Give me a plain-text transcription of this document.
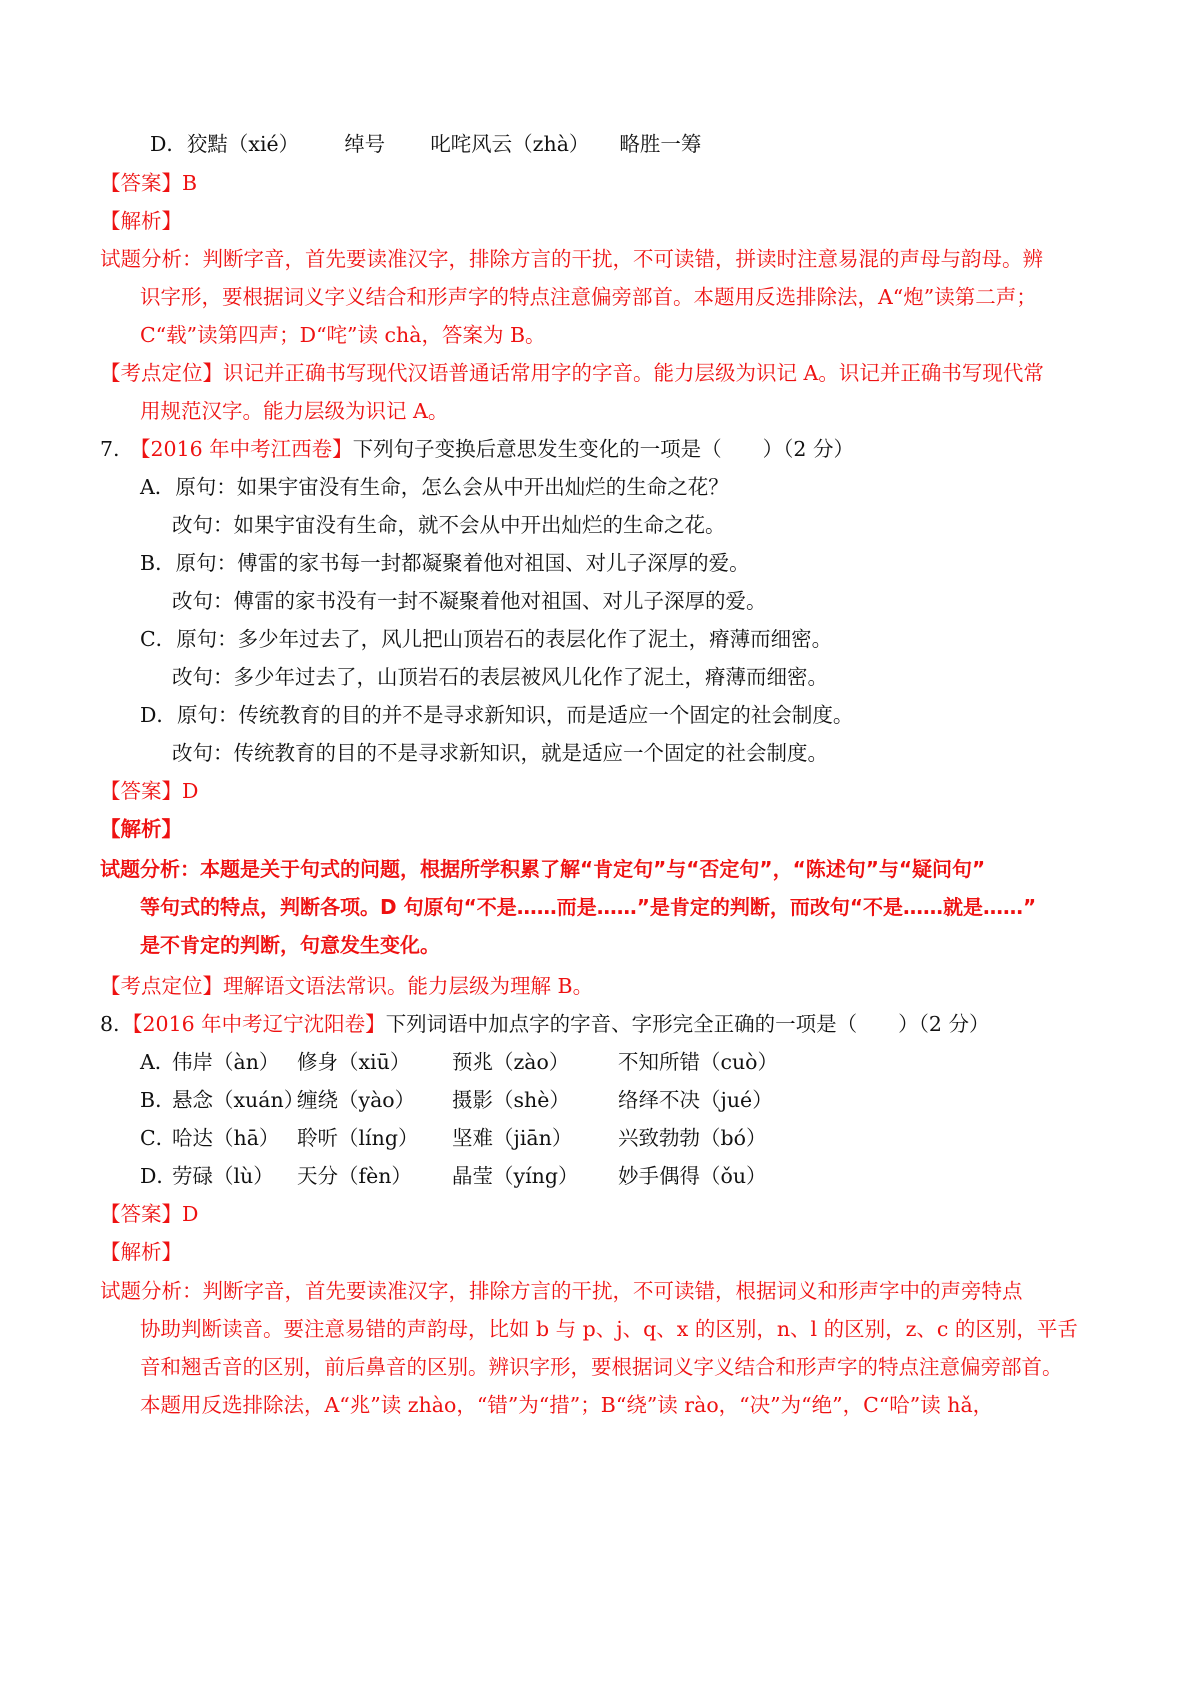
D．狡黠（xié） 绰号 叱咤风云（zhà） 略胜一筹
【答案】B
【解析】
试题分析：判断字音，首先要读准汉字，排除方言的干扰，不可读错，拼读时注意易混的声母与韵母。辨
识字形，要根据词义字义结合和形声字的特点注意偏旁部首。本题用反选排除法，A“炮”读第二声；
C“载”读第四声；D“咤”读 chà，答案为 B。
【考点定位】识记并正确书写现代汉语普通话常用字的字音。能力层级为识记 A。识记并正确书写现代常
用规范汉字。能力层级为识记 A。
7. 【2016 年中考江西卷】下列句子变换后意思发生变化的一项是（　　）（2 分）
A．原句：如果宇宙没有生命，怎么会从中开出灿烂的生命之花？
改句：如果宇宙没有生命，就不会从中开出灿烂的生命之花。
B．原句：傅雷的家书每一封都凝聚着他对祖国、对儿子深厚的爱。
改句：傅雷的家书没有一封不凝聚着他对祖国、对儿子深厚的爱。
C．原句：多少年过去了，风儿把山顶岩石的表层化作了泥土，瘠薄而细密。
改句：多少年过去了，山顶岩石的表层被风儿化作了泥土，瘠薄而细密。
D．原句：传统教育的目的并不是寻求新知识，而是适应一个固定的社会制度。
改句：传统教育的目的不是寻求新知识，就是适应一个固定的社会制度。
【答案】D
【解析】
试题分析：本题是关于句式的问题，根据所学积累了解“肯定句”与“否定句”，“陈述句”与“疑问句”
等句式的特点，判断各项。D 句原句“不是……而是……”是肯定的判断，而改句“不是……就是……”
是不肯定的判断，句意发生变化。
【考点定位】理解语文语法常识。能力层级为理解 B。
8. 【2016 年中考辽宁沈阳卷】下列词语中加点字的字音、字形完全正确的一项是（　　）（2 分）
A．
伟岸（àn） 修身（xiū） 预兆（zào） 不知所错（cuò）
B．
悬念（xuán）
缠绕（yào） 摄影（shè） 络绎不决（jué）
C．
哈达（hā） 聆听（líng） 坚难（jiān） 兴致勃勃（bó）
D．
劳碌（lù） 天分（fèn） 晶莹（yíng） 妙手偶得（ǒu）
【答案】D
【解析】
试题分析：判断字音，首先要读准汉字，排除方言的干扰，不可读错，根据词义和形声字中的声旁特点
协助判断读音。要注意易错的声韵母，比如 b 与 p、j、q、x 的区别，n、l 的区别，z、c 的区别，平舌
音和翘舌音的区别，前后鼻音的区别。辨识字形，要根据词义字义结合和形声字的特点注意偏旁部首。
本题用反选排除法，A“兆”读 zhào，“错”为“措”；B“绕”读 rào，“决”为“绝”，C“哈”读 hǎ，
